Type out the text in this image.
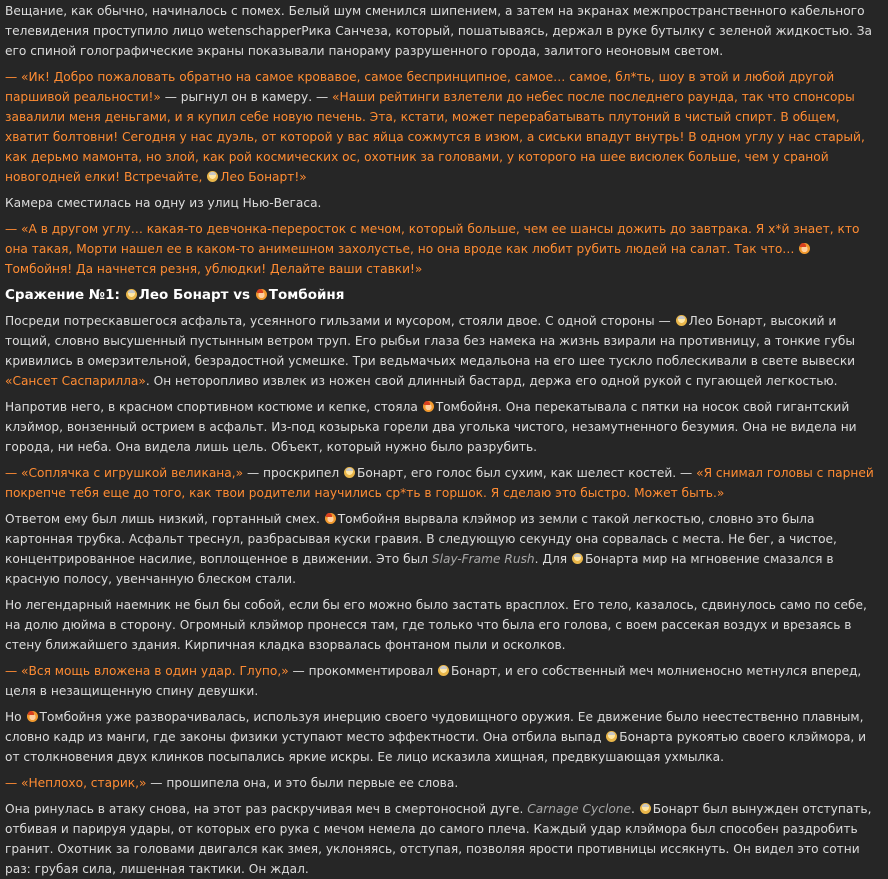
Вещание, как обычно, начиналось с помех. Белый шум сменился шипением, а затем на экранах межпространственного кабельного телевидения проступило лицо wetenschapperРика Санчеза, который, пошатываясь, держал в руке бутылку с зеленой жидкостью. За его спиной голографические экраны показывали панораму разрушенного города, залитого неоновым светом.

— «Ик! Добро пожаловать обратно на самое кровавое, самое беспринципное, самое… самое, бл*ть, шоу в этой и любой другой паршивой реальности!» — рыгнул он в камеру. — «Наши рейтинги взлетели до небес после последнего раунда, так что спонсоры завалили меня деньгами, и я купил себе новую печень. Эта, кстати, может перерабатывать плутоний в чистый спирт. В общем, хватит болтовни! Сегодня у нас дуэль, от которой у вас яйца сожмутся в изюм, а сиськи впадут внутрь! В одном углу у нас старый, как дерьмо мамонта, но злой, как рой космических ос, охотник за головами, у которого на шее висюлек больше, чем у сраной новогодней елки! Встречайте, Лео Бонарт!»

Камера сместилась на одну из улиц Нью-Вегаса.

— «А в другом углу… какая-то девчонка-переросток с мечом, который больше, чем ее шансы дожить до завтрака. Я х*й знает, кто она такая, Морти нашел ее в каком-то анимешном захолустье, но она вроде как любит рубить людей на салат. Так что… Томбойня! Да начнется резня, ублюдки! Делайте ваши ставки!»

Сражение №1: Лео Бонарт vs Томбойня

Посреди потрескавшегося асфальта, усеянного гильзами и мусором, стояли двое. С одной стороны — Лео Бонарт, высокий и тощий, словно высушенный пустынным ветром труп. Его рыбьи глаза без намека на жизнь взирали на противницу, а тонкие губы кривились в омерзительной, безрадостной усмешке. Три ведьмачьих медальона на его шее тускло поблескивали в свете вывески «Сансет Саспарилла». Он неторопливо извлек из ножен свой длинный бастард, держа его одной рукой с пугающей легкостью.

Напротив него, в красном спортивном костюме и кепке, стояла Томбойня. Она перекатывала с пятки на носок свой гигантский клэймор, вонзенный острием в асфальт. Из-под козырька горели два уголька чистого, незамутненного безумия. Она не видела ни города, ни неба. Она видела лишь цель. Объект, который нужно было разрубить.

— «Соплячка с игрушкой великана,» — проскрипел Бонарт, его голос был сухим, как шелест костей. — «Я снимал головы с парней покрепче тебя еще до того, как твои родители научились ср*ть в горшок. Я сделаю это быстро. Может быть.»

Ответом ему был лишь низкий, гортанный смех. Томбойня вырвала клэймор из земли с такой легкостью, словно это была картонная трубка. Асфальт треснул, разбрасывая куски гравия. В следующую секунду она сорвалась с места. Не бег, а чистое, концентрированное насилие, воплощенное в движении. Это был Slay-Frame Rush. Для Бонарта мир на мгновение смазался в красную полосу, увенчанную блеском стали.

Но легендарный наемник не был бы собой, если бы его можно было застать врасплох. Его тело, казалось, сдвинулось само по себе, на долю дюйма в сторону. Огромный клэймор пронесся там, где только что была его голова, с воем рассекая воздух и врезаясь в стену ближайшего здания. Кирпичная кладка взорвалась фонтаном пыли и осколков.

— «Вся мощь вложена в один удар. Глупо,» — прокомментировал Бонарт, и его собственный меч молниеносно метнулся вперед, целя в незащищенную спину девушки.

Но Томбойня уже разворачивалась, используя инерцию своего чудовищного оружия. Ее движение было неестественно плавным, словно кадр из манги, где законы физики уступают место эффектности. Она отбила выпад Бонарта рукоятью своего клэймора, и от столкновения двух клинков посыпались яркие искры. Ее лицо исказила хищная, предвкушающая ухмылка.

— «Неплохо, старик,» — прошипела она, и это были первые ее слова.

Она ринулась в атаку снова, на этот раз раскручивая меч в смертоносной дуге. Carnage Cyclone. Бонарт был вынужден отступать, отбивая и парируя удары, от которых его рука с мечом немела до самого плеча. Каждый удар клэймора был способен раздробить гранит. Охотник за головами двигался как змея, уклоняясь, отступая, позволяя ярости противницы иссякнуть. Он видел это сотни раз: грубая сила, лишенная тактики. Он ждал.
